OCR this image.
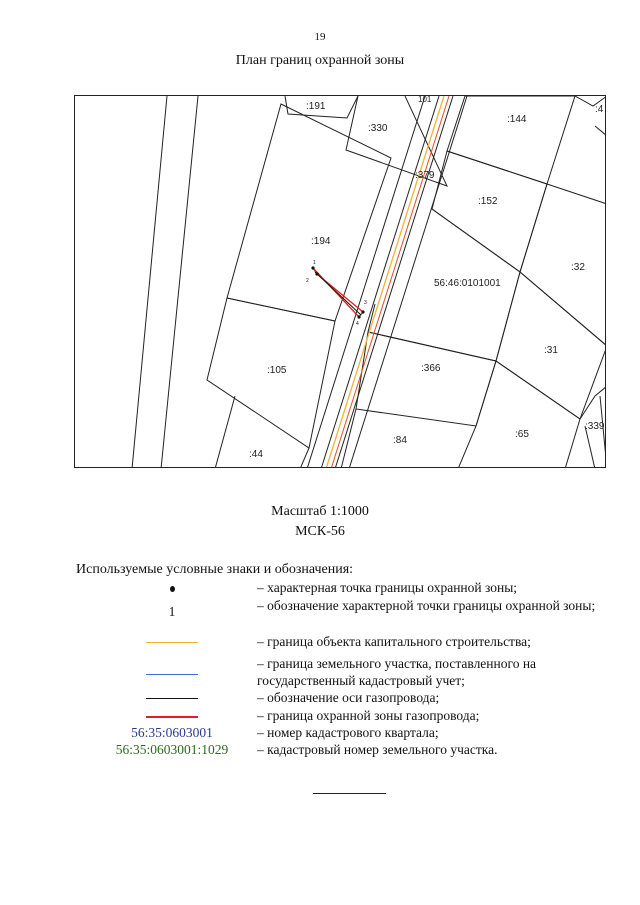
19
План границ охранной зоны
1
2
3
4
:191
101
:330
:144
:4
:379
:152
:194
:32
:31
:105	:366
:84
:65
:339
:44
56:46:0101001
Масштаб 1:1000
МСК-56
Используемые условные знаки и обозначения:
– характерная точка границы охранной зоны;
1	– обозначение характерной точки границы охранной зоны;
– граница объекта капитального строительства;
– граница земельного участка, поставленного на государственный кадастровый учет;
– обозначение оси газопровода;
– граница охранной зоны газопровода;
56:35:0603001	– номер кадастрового квартала;
56:35:0603001:1029	– кадастровый номер земельного участка.
